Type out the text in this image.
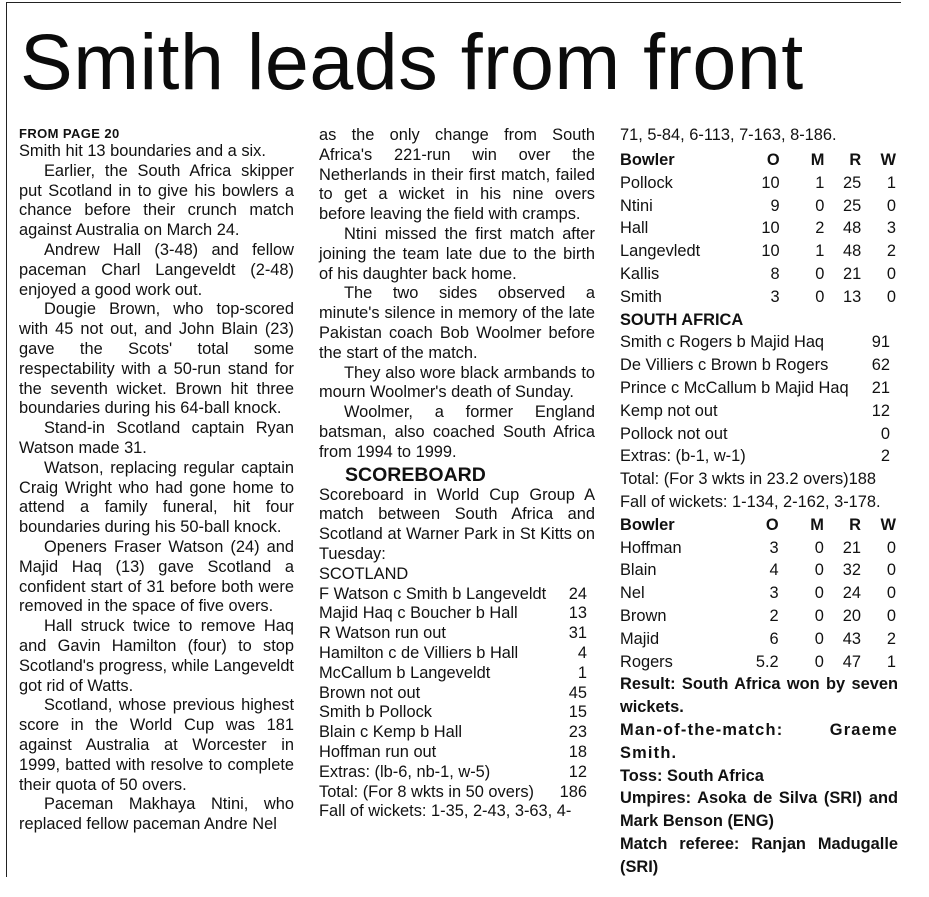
Smith leads from front
FROM PAGE 20

Smith hit 13 boundaries and a six.

Earlier, the South Africa skipper put Scotland in to give his bowlers a chance before their crunch match against Australia on March 24.

Andrew Hall (3-48) and fellow paceman Charl Langeveldt (2-48) enjoyed a good work out.

Dougie Brown, who top-scored with 45 not out, and John Blain (23) gave the Scots' total some respectability with a 50-run stand for the seventh wicket. Brown hit three boundaries during his 64-ball knock.

Stand-in Scotland captain Ryan Watson made 31.

Watson, replacing regular captain Craig Wright who had gone home to attend a family funeral, hit four boundaries during his 50-ball knock.

Openers Fraser Watson (24) and Majid Haq (13) gave Scotland a confident start of 31 before both were removed in the space of five overs.

Hall struck twice to remove Haq and Gavin Hamilton (four) to stop Scotland's progress, while Langeveldt got rid of Watts.

Scotland, whose previous highest score in the World Cup was 181 against Australia at Worcester in 1999, batted with resolve to complete their quota of 50 overs.

Paceman Makhaya Ntini, who replaced fellow paceman Andre Nel

as the only change from South Africa's 221-run win over the Netherlands in their first match, failed to get a wicket in his nine overs before leaving the field with cramps.

Ntini missed the first match after joining the team late due to the birth of his daughter back home.

The two sides observed a minute's silence in memory of the late Pakistan coach Bob Woolmer before the start of the match.

They also wore black armbands to mourn Woolmer's death of Sunday.

Woolmer, a former England batsman, also coached South Africa from 1994 to 1999.

SCOREBOARD

Scoreboard in World Cup Group A match between South Africa and Scotland at Warner Park in St Kitts on Tuesday:

SCOTLAND
F Watson c Smith b Langeveldt 24
Majid Haq c Boucher b Hall	13
R Watson run out	31
Hamilton c de Villiers b Hall	4
McCallum b Langeveldt	1
Brown not out	45
Smith b Pollock	15
Blain c Kemp b Hall	23
Hoffman run out	18
Extras: (lb-6, nb-1, w-5)	12
Total: (For 8 wkts in 50 overs) 186

Fall of wickets: 1-35, 2-43, 3-63, 4-

Bowler	O	M	R	W
Pollock	10	1	25	1
Ntini	9	0	25	0
Hall	10	2	48	3
Langevledt	10	1	48	2
Kallis	8	0	21	0
Smith	3	0	13	0
SOUTH AFRICA
Smith c Rogers b Majid Haq	91
De Villiers c Brown b Rogers	62
Prince c McCallum b Majid Haq 21
Kemp not out	12
Pollock not out	0
Extras: (b-1, w-1)	2
Total: (For 3 wkts in 23.2 overs)188
Fall of wickets: 1-134, 2-162, 3-178.
Bowler	O	M	R	W
Hoffman	3	0	21	0
Blain	4	0	32	0
Nel	3	0	24	0
Brown	2	0	20	0
Majid	6	0	43	2
Rogers	5.2	0	47	1
Result: South Africa won by seven wickets.
Man-of-the-match: Graeme Smith.
Toss: South Africa
Umpires: Asoka de Silva (SRI) and Mark Benson (ENG)
Match referee: Ranjan Madugalle (SRI)
71, 5-84, 6-113, 7-163, 8-186.
